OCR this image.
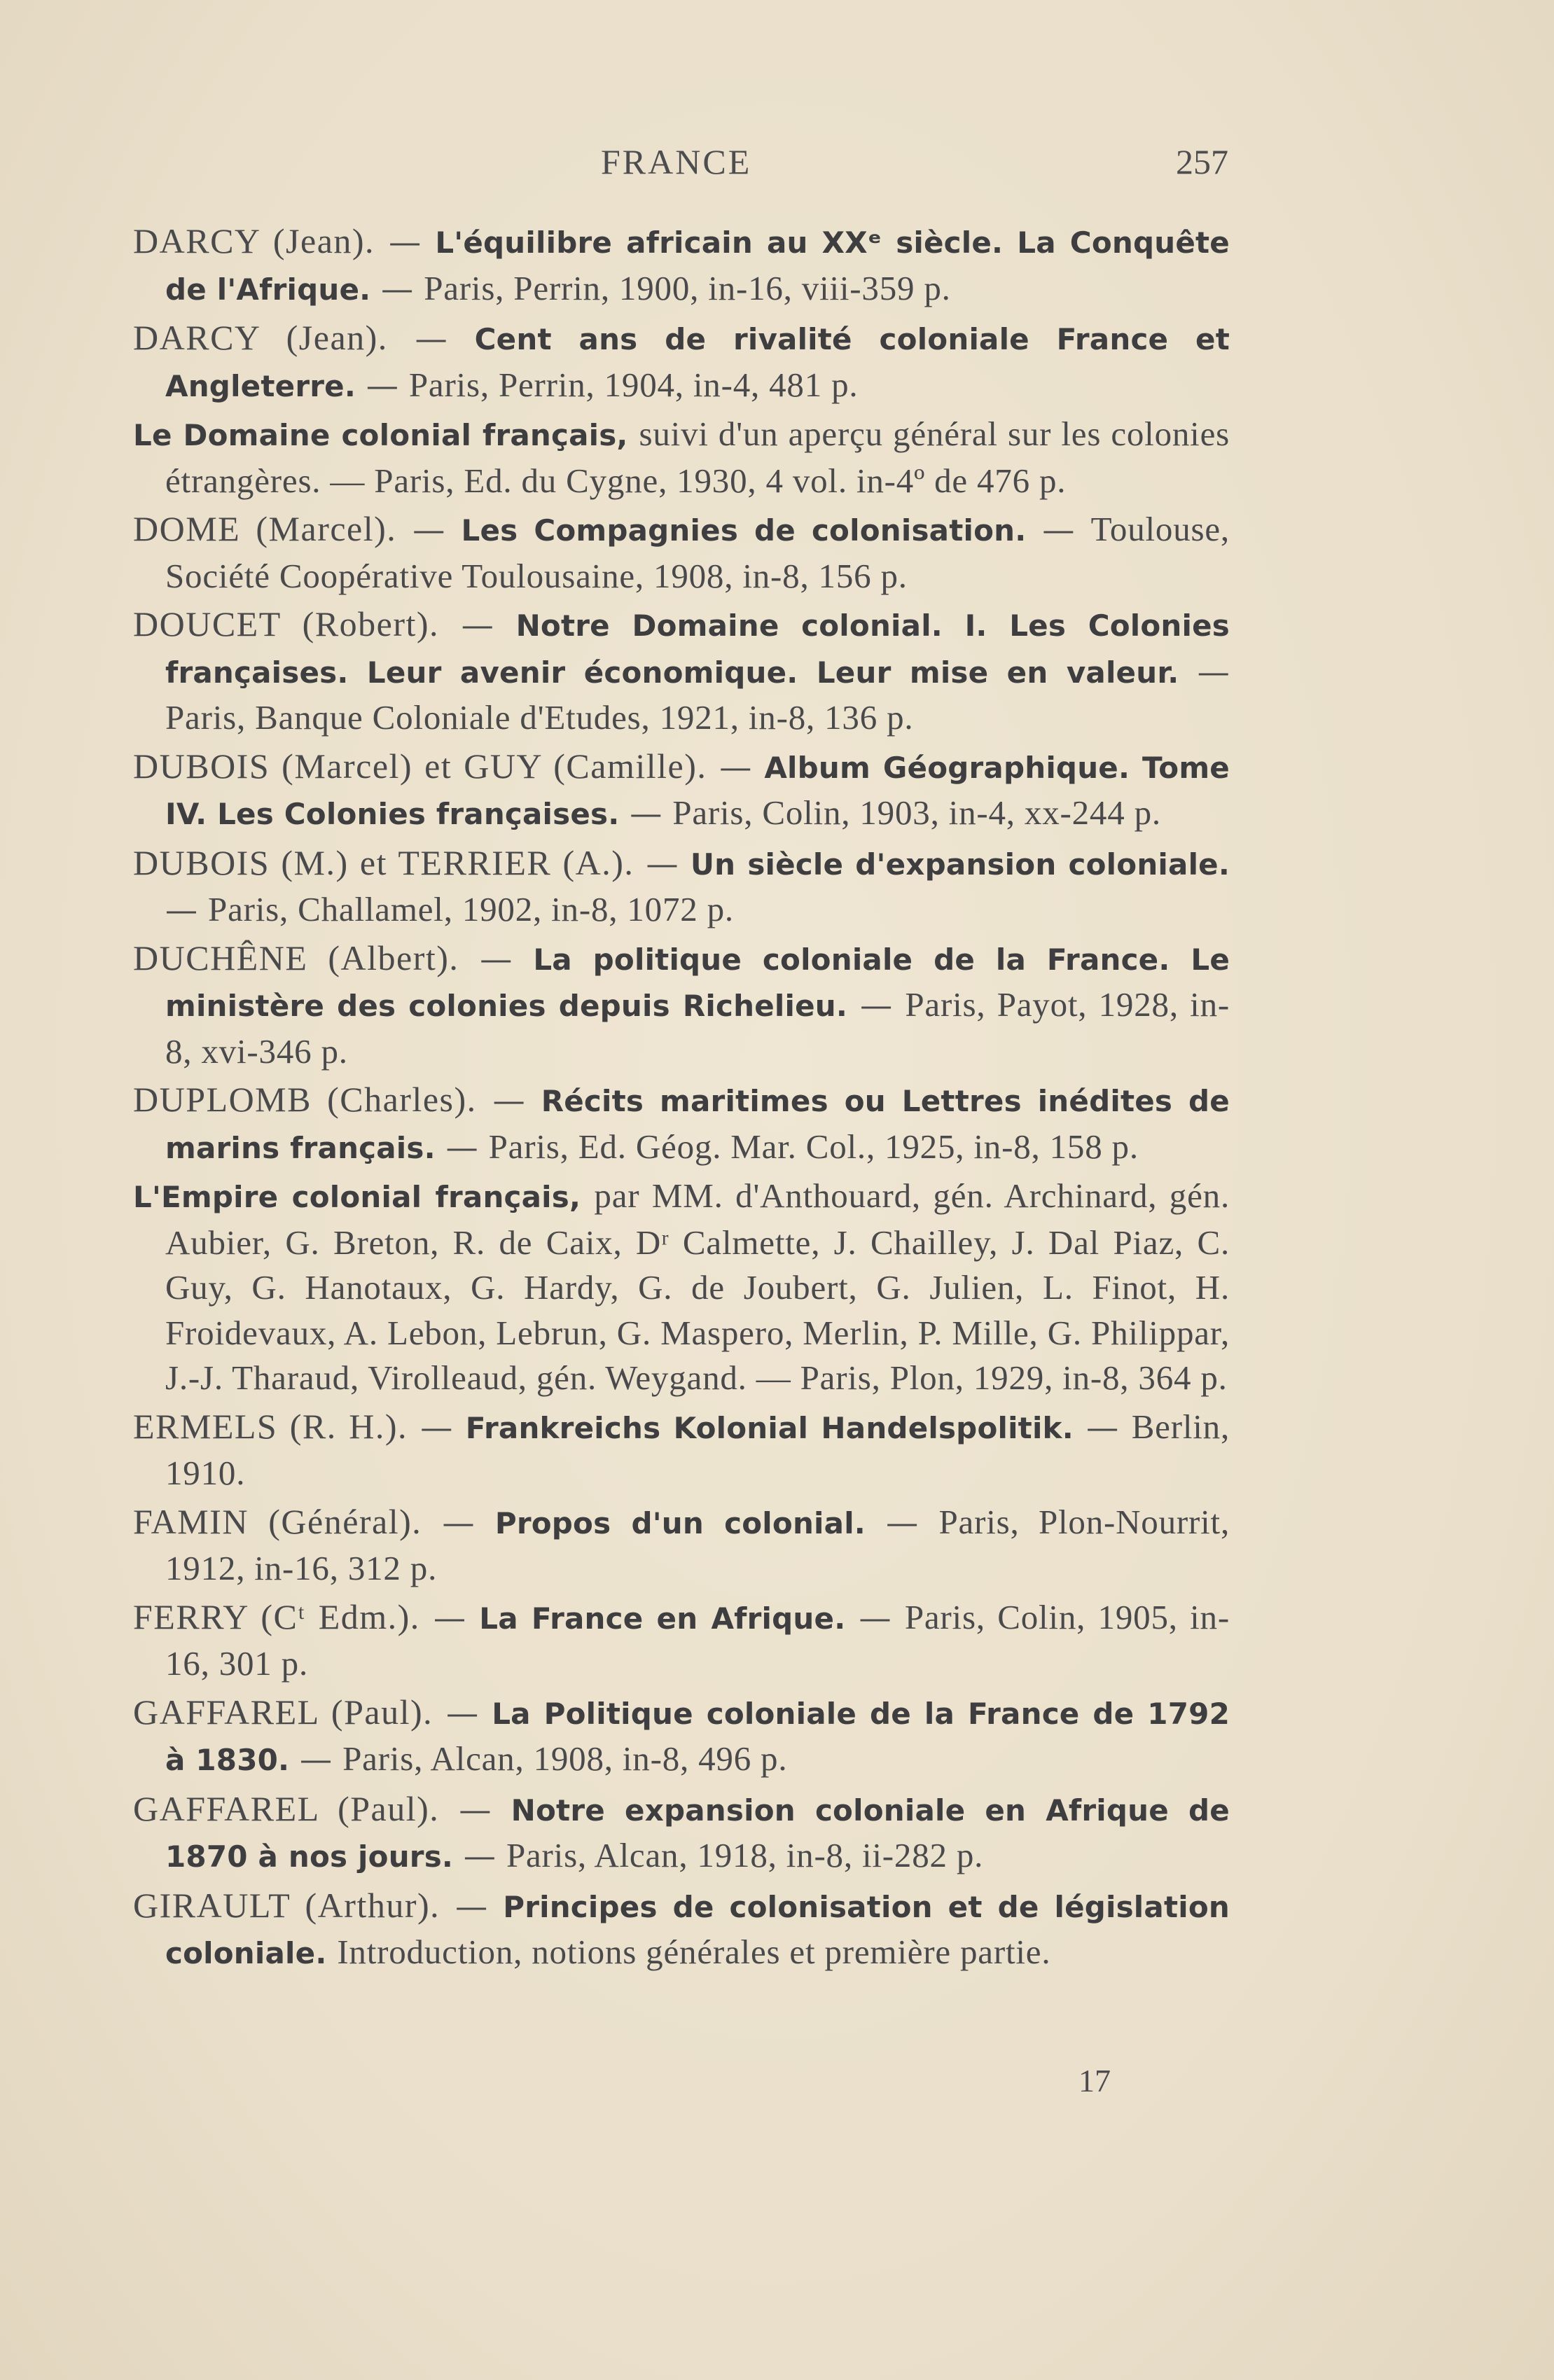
FRANCE	257

DARCY (Jean). — L'équilibre africain au XXᵉ siècle. La Conquête de l'Afrique. — Paris, Perrin, 1900, in-16, viii-359 p.

DARCY (Jean). — Cent ans de rivalité coloniale France et Angleterre. — Paris, Perrin, 1904, in-4, 481 p.

Le Domaine colonial français, suivi d'un aperçu général sur les colonies étrangères. — Paris, Ed. du Cygne, 1930, 4 vol. in-4º de 476 p.

DOME (Marcel). — Les Compagnies de colonisation. — Toulouse, Société Coopérative Toulousaine, 1908, in-8, 156 p.

DOUCET (Robert). — Notre Domaine colonial. I. Les Colonies françaises. Leur avenir économique. Leur mise en valeur. — Paris, Banque Coloniale d'Etudes, 1921, in-8, 136 p.

DUBOIS (Marcel) et GUY (Camille). — Album Géographique. Tome IV. Les Colonies françaises. — Paris, Colin, 1903, in-4, xx-244 p.

DUBOIS (M.) et TERRIER (A.). — Un siècle d'expansion coloniale. — Paris, Challamel, 1902, in-8, 1072 p.

DUCHÊNE (Albert). — La politique coloniale de la France. Le ministère des colonies depuis Richelieu. — Paris, Payot, 1928, in-8, xvi-346 p.

DUPLOMB (Charles). — Récits maritimes ou Lettres inédites de marins français. — Paris, Ed. Géog. Mar. Col., 1925, in-8, 158 p.

L'Empire colonial français, par MM. d'Anthouard, gén. Archinard, gén. Aubier, G. Breton, R. de Caix, Dʳ Calmette, J. Chailley, J. Dal Piaz, C. Guy, G. Hanotaux, G. Hardy, G. de Joubert, G. Julien, L. Finot, H. Froidevaux, A. Lebon, Lebrun, G. Maspero, Merlin, P. Mille, G. Philippar, J.-J. Tharaud, Virolleaud, gén. Weygand. — Paris, Plon, 1929, in-8, 364 p.

ERMELS (R. H.). — Frankreichs Kolonial Handelspolitik. — Berlin, 1910.

FAMIN (Général). — Propos d'un colonial. — Paris, Plon-Nourrit, 1912, in-16, 312 p.

FERRY (Cᵗ Edm.). — La France en Afrique. — Paris, Colin, 1905, in-16, 301 p.

GAFFAREL (Paul). — La Politique coloniale de la France de 1792 à 1830. — Paris, Alcan, 1908, in-8, 496 p.

GAFFAREL (Paul). — Notre expansion coloniale en Afrique de 1870 à nos jours. — Paris, Alcan, 1918, in-8, ii-282 p.

GIRAULT (Arthur). — Principes de colonisation et de législation coloniale. Introduction, notions générales et première partie.

17
